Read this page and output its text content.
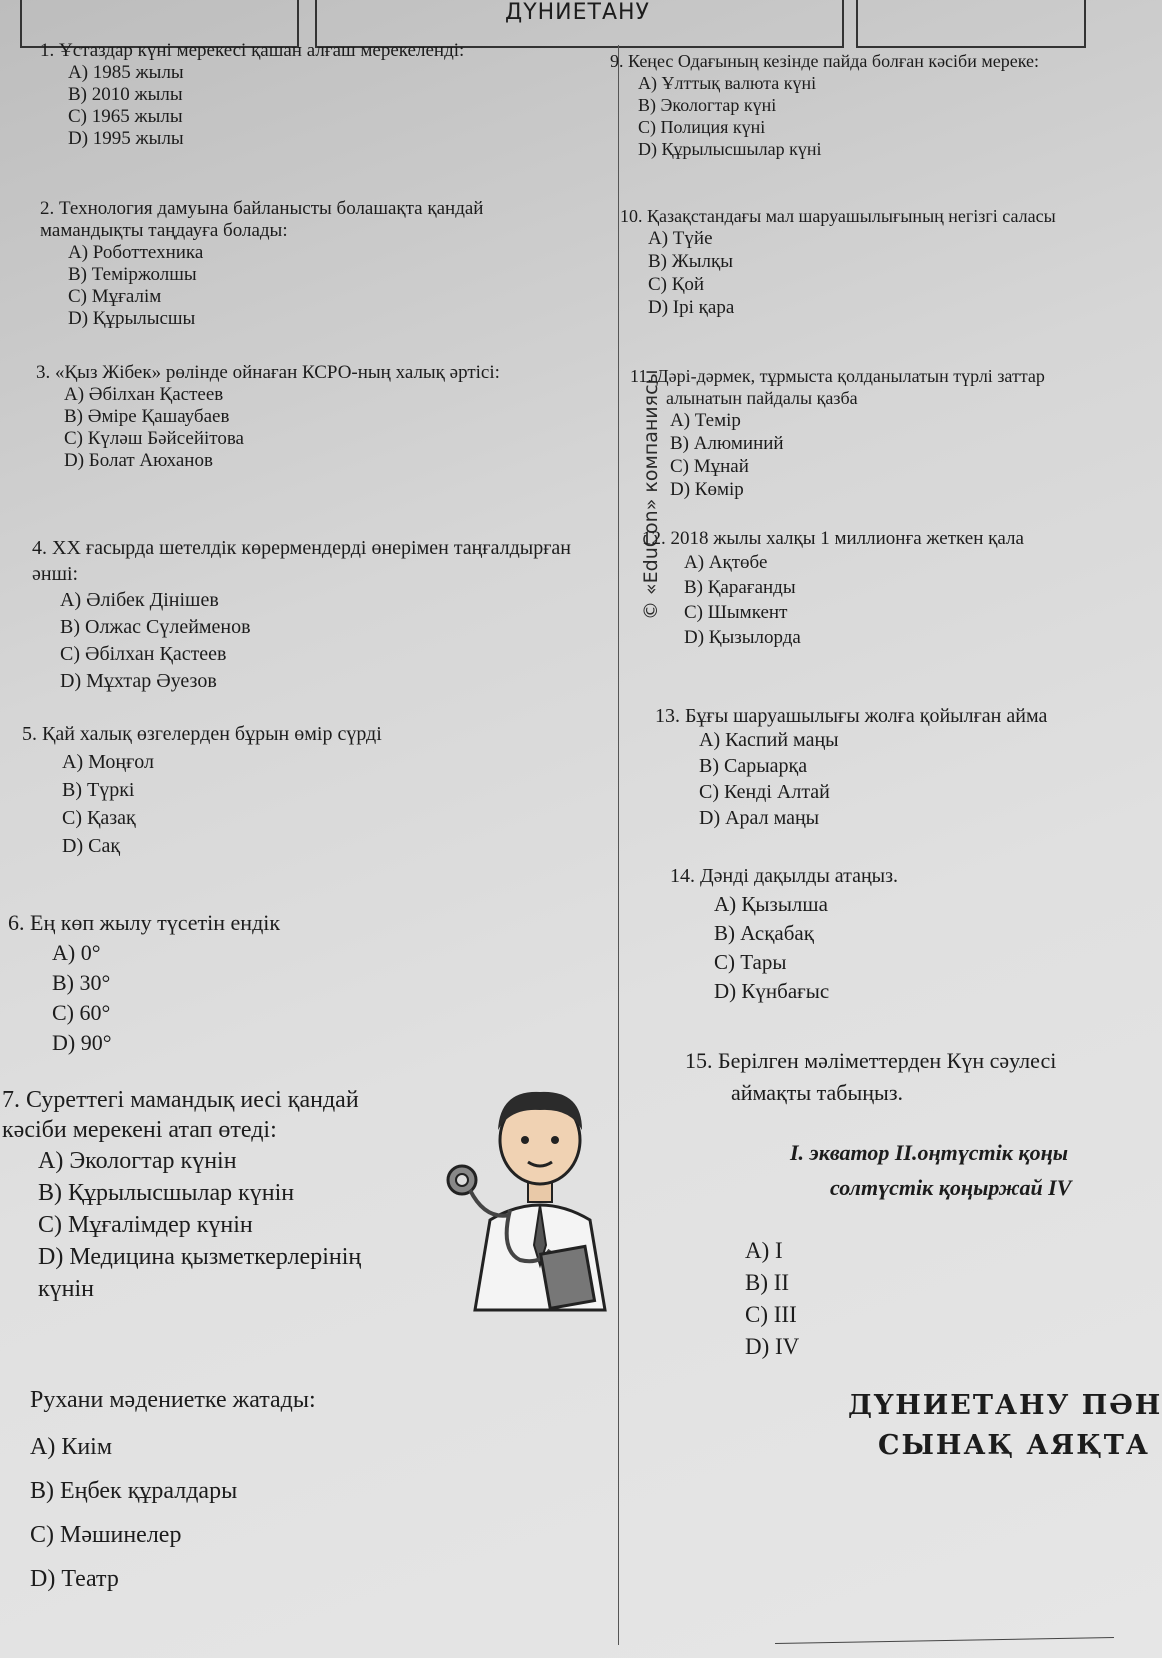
ДҮНИЕТАНУ
© «EduCon» компаниясы
1. Ұстаздар күні мерекесі қашан алғаш мерекеленді:
A) 1985 жылы
B) 2010 жылы
C) 1965 жылы
D) 1995 жылы
2. Технология дамуына байланысты болашақта қандай мамандықты таңдауға болады:
A) Роботтехника
B) Теміржолшы
C) Мұғалім
D) Құрылысшы
3. «Қыз Жібек» рөлінде ойнаған КСРО-ның халық әртісі:
A) Әбілхан Қастеев
B) Әміре Қашаубаев
C) Күләш Бәйсейітова
D) Болат Аюханов
4. XX ғасырда шетелдік көрермендерді өнерімен таңғалдырған әнші:
A) Әлібек Дінішев
B) Олжас Сүлейменов
C) Әбілхан Қастеев
D) Мұхтар Әуезов
5. Қай халық өзгелерден бұрын өмір сүрді
A) Моңғол
B) Түркі
C) Қазақ
D) Сақ
6. Ең көп жылу түсетін ендік
A) 0°
B) 30°
C) 60°
D) 90°
7. Суреттегі мамандық иесі қандай кәсіби мерекені атап өтеді:
A) Экологтар күнін
B) Құрылысшылар күнін
C) Мұғалімдер күнін
D) Медицина қызметкерлерінің күнін
Рухани мәдениетке жатады:
A) Киім
B) Еңбек құралдары
C) Мәшинелер
D) Театр
9. Кеңес Одағының кезінде пайда болған кәсіби мереке:
A) Ұлттық валюта күні
B) Экологтар күні
C) Полиция күні
D) Құрылысшылар күні
10. Қазақстандағы мал шаруашылығының негізгі саласы
A) Түйе
B) Жылқы
C) Қой
D) Ірі қара
11. Дәрі-дәрмек, тұрмыста қолданылатын түрлі заттар алынатын пайдалы қазба
A) Темір
B) Алюминий
C) Мұнай
D) Көмір
12. 2018 жылы халқы 1 миллионға жеткен қала
A) Ақтөбе
B) Қарағанды
C) Шымкент
D) Қызылорда
13. Бұғы шаруашылығы жолға қойылған айма
A) Каспий маңы
B) Сарыарқа
C) Кенді Алтай
D) Арал маңы
14. Дәнді дақылды атаңыз.
A) Қызылша
B) Асқабақ
C) Тары
D) Күнбағыс
15. Берілген мәліметтерден Күн сәулесі аймақты табыңыз.
І. экватор ІІ.оңтүстік қоңы
солтүстік қоңыржай ІV
A) І
B) ІІ
C) ІІІ
D) ІV
ДҮНИЕТАНУ ПӘН
СЫНАҚ АЯҚТА
